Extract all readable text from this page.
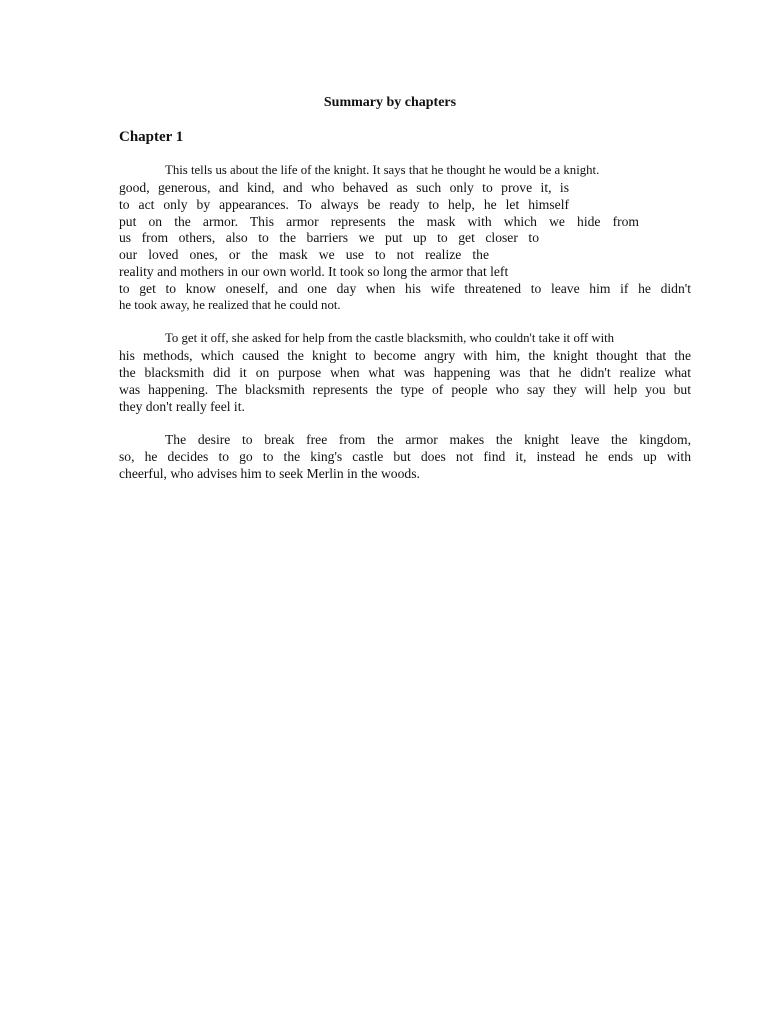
Summary by chapters
Chapter 1
This tells us about the life of the knight. It says that he thought he would be a knight.
good, generous, and kind, and who behaved as such only to prove it, is
to act only by appearances. To always be ready to help, he let himself
put on the armor. This armor represents the mask with which we hide from
us from others, also to the barriers we put up to get closer to
our loved ones, or the mask we use to not realize the
reality and mothers in our own world. It took so long the armor that left
to get to know oneself, and one day when his wife threatened to leave him if he didn't
he took away, he realized that he could not.
To get it off, she asked for help from the castle blacksmith, who couldn't take it off with
his methods, which caused the knight to become angry with him, the knight thought that the
the blacksmith did it on purpose when what was happening was that he didn't realize what
was happening. The blacksmith represents the type of people who say they will help you but
they don't really feel it.
The desire to break free from the armor makes the knight leave the kingdom,
so, he decides to go to the king's castle but does not find it, instead he ends up with
cheerful, who advises him to seek Merlin in the woods.
